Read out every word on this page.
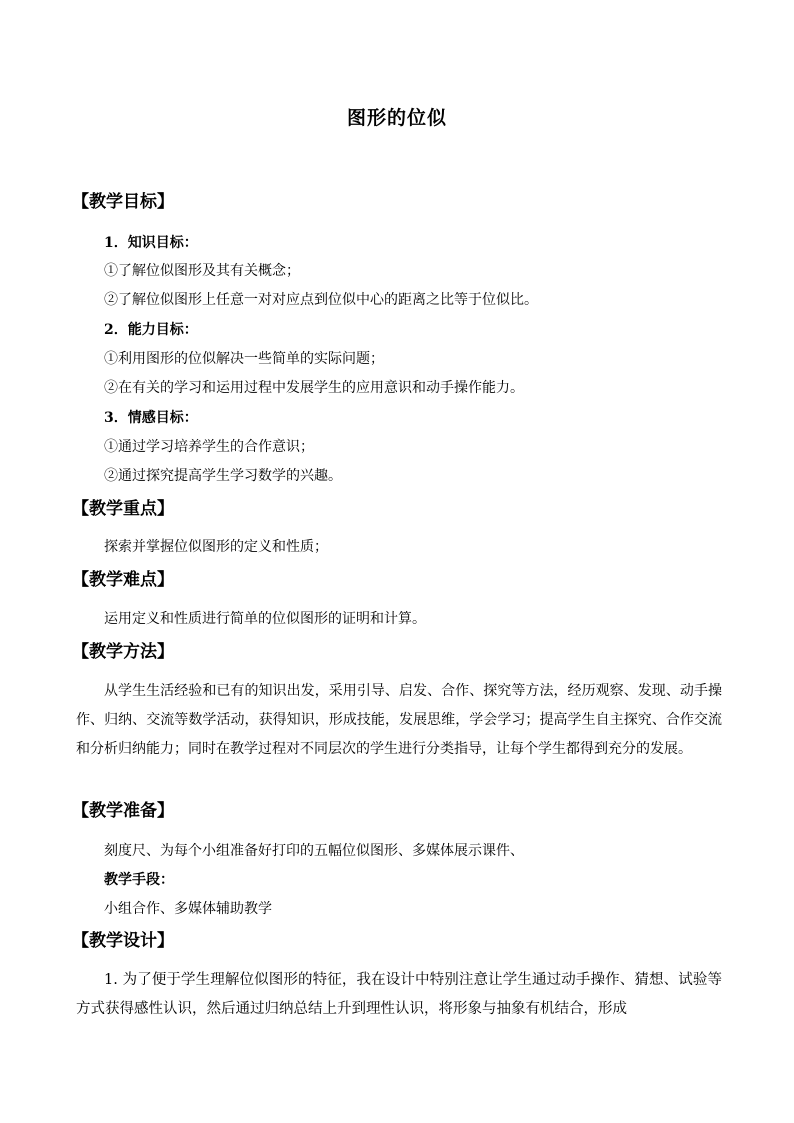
图形的位似
【教学目标】
1．知识目标：
①了解位似图形及其有关概念；
②了解位似图形上任意一对对应点到位似中心的距离之比等于位似比。
2．能力目标：
①利用图形的位似解决一些简单的实际问题；
②在有关的学习和运用过程中发展学生的应用意识和动手操作能力。
3．情感目标：
①通过学习培养学生的合作意识；
②通过探究提高学生学习数学的兴趣。
【教学重点】
探索并掌握位似图形的定义和性质；
【教学难点】
运用定义和性质进行简单的位似图形的证明和计算。
【教学方法】
从学生生活经验和已有的知识出发，采用引导、启发、合作、探究等方法，经历观察、发现、动手操作、归纳、交流等数学活动，获得知识，形成技能，发展思维，学会学习；提高学生自主探究、合作交流和分析归纳能力；同时在教学过程对不同层次的学生进行分类指导，让每个学生都得到充分的发展。
【教学准备】
刻度尺、为每个小组准备好打印的五幅位似图形、多媒体展示课件、
教学手段：
小组合作、多媒体辅助教学
【教学设计】
1. 为了便于学生理解位似图形的特征，我在设计中特别注意让学生通过动手操作、猜想、试验等方式获得感性认识，然后通过归纳总结上升到理性认识，将形象与抽象有机结合，形成
